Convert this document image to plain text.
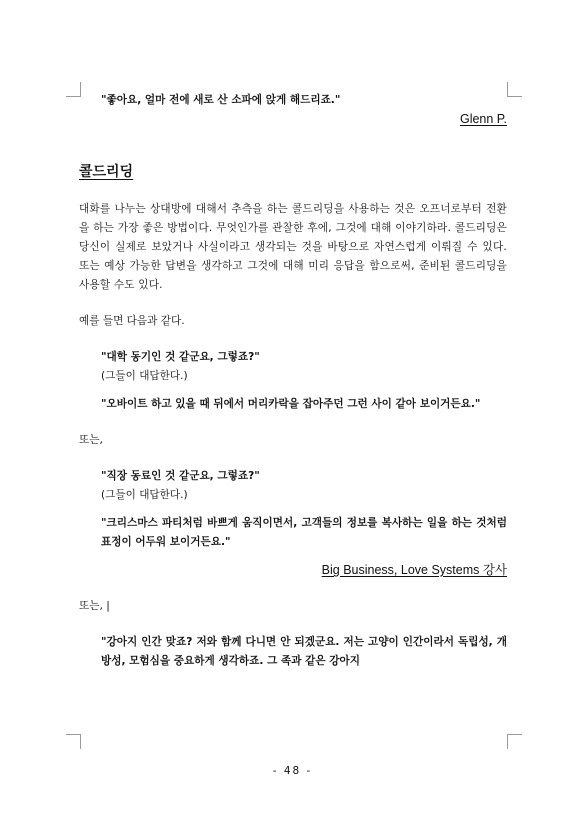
"좋아요, 얼마 전에 새로 산 소파에 앉게 해드리죠."
Glenn P.
콜드리딩
대화를 나누는 상대방에 대해서 추측을 하는 콜드리딩을 사용하는 것은 오프너로부터 전환을 하는 가장 좋은 방법이다. 무엇인가를 관찰한 후에, 그것에 대해 이야기하라. 콜드리딩은 당신이 실제로 보았거나 사실이라고 생각되는 것을 바탕으로 자연스럽게 이뤄질 수 있다. 또는 예상 가능한 답변을 생각하고 그것에 대해 미리 응답을 함으로써, 준비된 콜드리딩을 사용할 수도 있다.
예를 들면 다음과 같다.
"대학 동기인 것 같군요, 그렇죠?"
(그들이 대답한다.)
"오바이트 하고 있을 때 뒤에서 머리카락을 잡아주던 그런 사이 같아 보이거든요."
또는,
"직장 동료인 것 같군요, 그렇죠?"
(그들이 대답한다.)
"크리스마스 파티처럼 바쁘게 움직이면서, 고객들의 정보를 복사하는 일을 하는 것처럼 표정이 어두워 보이거든요."
Big Business, Love Systems 강사
또는, |
"강아지 인간 맞죠? 저와 함께 다니면 안 되겠군요. 저는 고양이 인간이라서 독립성, 개방성, 모험심을 중요하게 생각하죠. 그 족과 같은 강아지
- 48 -
